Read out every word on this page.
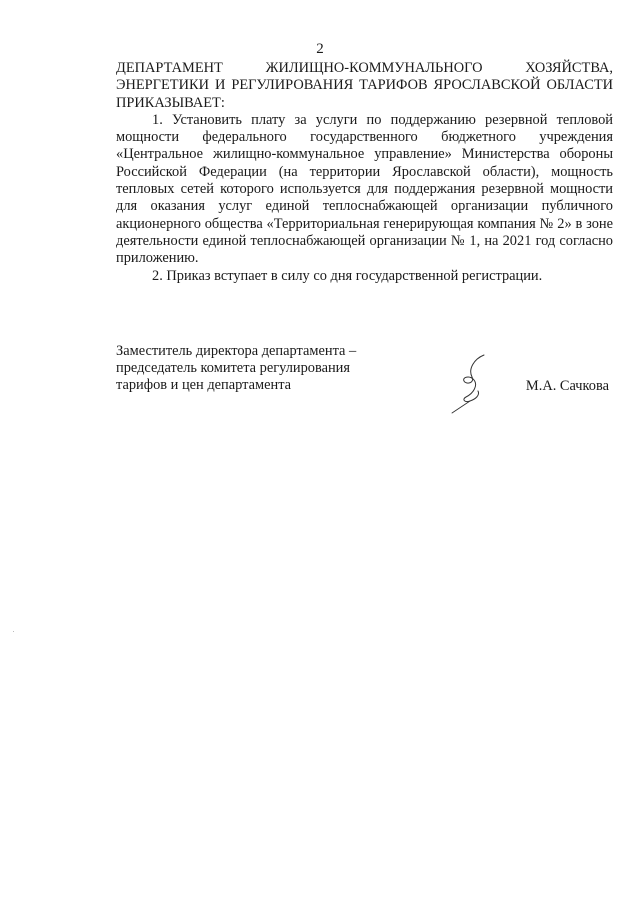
2

ДЕПАРТАМЕНТ ЖИЛИЩНО-КОММУНАЛЬНОГО ХОЗЯЙСТВА, ЭНЕРГЕТИКИ И РЕГУЛИРОВАНИЯ ТАРИФОВ ЯРОСЛАВСКОЙ ОБЛАСТИ ПРИКАЗЫВАЕТ:

1. Установить плату за услуги по поддержанию резервной тепловой мощности федерального государственного бюджетного учреждения «Центральное жилищно-коммунальное управление» Министерства обороны Российской Федерации (на территории Ярославской области), мощность тепловых сетей которого используется для поддержания резервной мощности для оказания услуг единой теплоснабжающей организации публичного акционерного общества «Территориальная генерирующая компания № 2» в зоне деятельности единой теплоснабжающей организации № 1, на 2021 год согласно приложению.

2. Приказ вступает в силу со дня государственной регистрации.

Заместитель директора департамента –
председатель комитета регулирования
тарифов и цен департамента	М.А. Сачкова
